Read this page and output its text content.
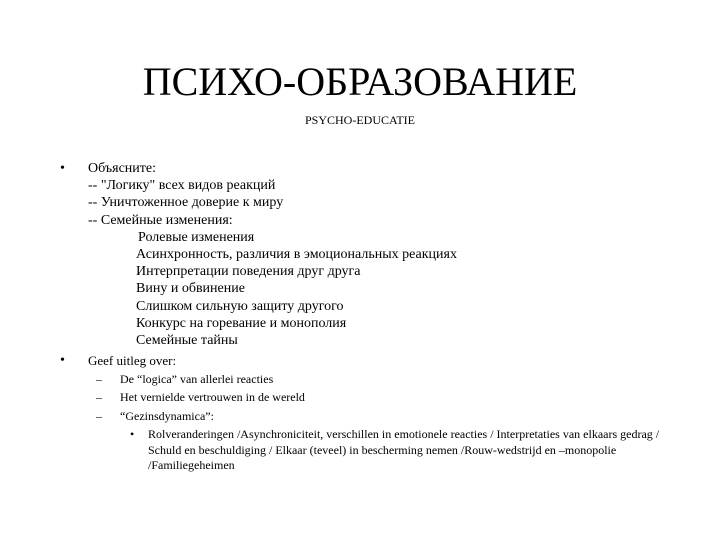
ПСИХО-ОБРАЗОВАНИЕ
PSYCHO-EDUCATIE
• Объясните:
-- "Логику" всех видов реакций
-- Уничтоженное доверие к миру
-- Семейные изменения:
Ролевые изменения
Асинхронность, различия в эмоциональных реакциях
Интерпретации поведения друг друга
Вину и обвинение
Слишком сильную защиту другого
Конкурс на горевание и монополия
Семейные тайны
• Geef uitleg over:
– De “logica” van allerlei reacties
– Het vernielde vertrouwen in de wereld
– “Gezinsdynamica”:
•	Rolveranderingen /Asynchroniciteit, verschillen in emotionele reacties / Interpretaties van elkaars gedrag / Schuld en beschuldiging / Elkaar (teveel) in bescherming nemen /Rouw-wedstrijd en –monopolie /Familiegeheimen
